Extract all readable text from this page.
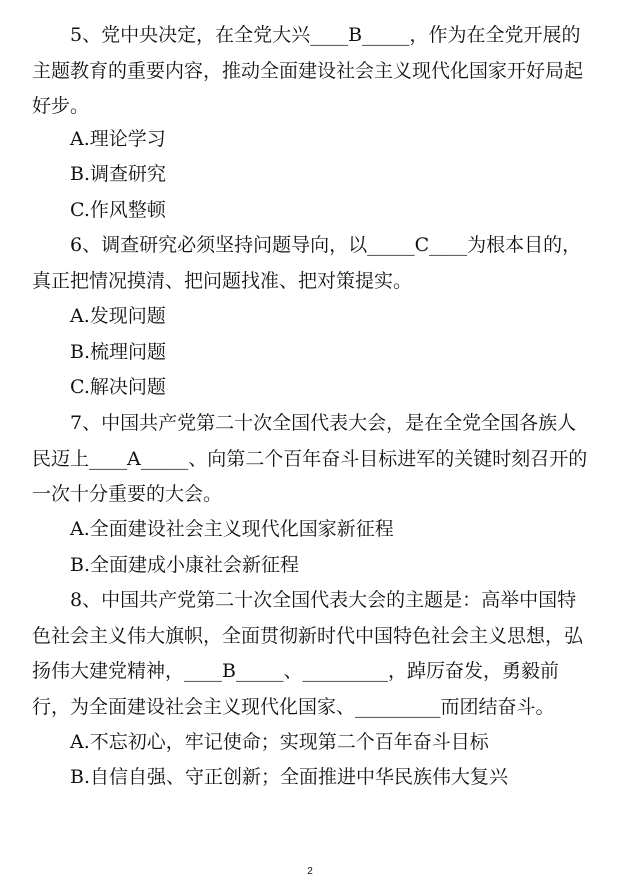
5、党中央决定，在全党大兴____B_____，作为在全党开展的主题教育的重要内容，推动全面建设社会主义现代化国家开好局起好步。

A.理论学习

B.调查研究

C.作风整顿

6、调查研究必须坚持问题导向，以_____C____为根本目的，真正把情况摸清、把问题找准、把对策提实。

A.发现问题

B.梳理问题

C.解决问题

7、中国共产党第二十次全国代表大会，是在全党全国各族人民迈上____A_____、向第二个百年奋斗目标进军的关键时刻召开的一次十分重要的大会。

A.全面建设社会主义现代化国家新征程

B.全面建成小康社会新征程

8、中国共产党第二十次全国代表大会的主题是：高举中国特色社会主义伟大旗帜，全面贯彻新时代中国特色社会主义思想，弘扬伟大建党精神，____B_____、_________，踔厉奋发，勇毅前行，为全面建设社会主义现代化国家、_________而团结奋斗。

A.不忘初心，牢记使命；实现第二个百年奋斗目标

B.自信自强、守正创新；全面推进中华民族伟大复兴

2
